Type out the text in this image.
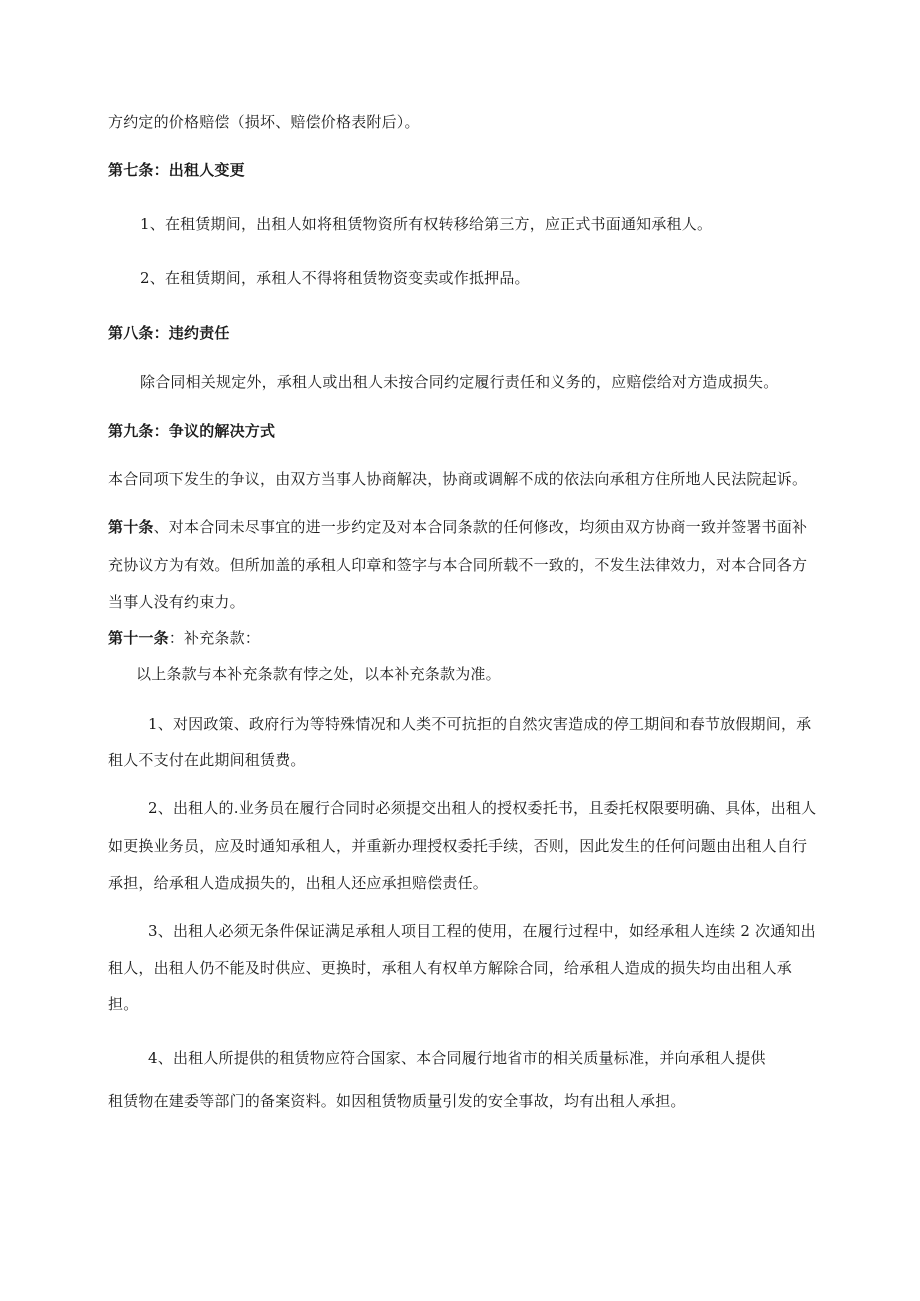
方约定的价格赔偿（损坏、赔偿价格表附后）。
第七条：出租人变更
1、在租赁期间，出租人如将租赁物资所有权转移给第三方，应正式书面通知承租人。
2、在租赁期间，承租人不得将租赁物资变卖或作抵押品。
第八条：违约责任
除合同相关规定外，承租人或出租人未按合同约定履行责任和义务的，应赔偿给对方造成损失。
第九条：争议的解决方式
本合同项下发生的争议，由双方当事人协商解决，协商或调解不成的依法向承租方住所地人民法院起诉。
第十条、对本合同未尽事宜的进一步约定及对本合同条款的任何修改，均须由双方协商一致并签署书面补
充协议方为有效。但所加盖的承租人印章和签字与本合同所载不一致的，不发生法律效力，对本合同各方
当事人没有约束力。
第十一条：补充条款：
以上条款与本补充条款有悖之处，以本补充条款为准。
1、对因政策、政府行为等特殊情况和人类不可抗拒的自然灾害造成的停工期间和春节放假期间，承
租人不支付在此期间租赁费。
2、出租人的.业务员在履行合同时必须提交出租人的授权委托书，且委托权限要明确、具体，出租人
如更换业务员，应及时通知承租人，并重新办理授权委托手续，否则，因此发生的任何问题由出租人自行
承担，给承租人造成损失的，出租人还应承担赔偿责任。
3、出租人必须无条件保证满足承租人项目工程的使用，在履行过程中，如经承租人连续 2 次通知出
租人，出租人仍不能及时供应、更换时，承租人有权单方解除合同，给承租人造成的损失均由出租人承
担。
4、出租人所提供的租赁物应符合国家、本合同履行地省市的相关质量标准，并向承租人提供
租赁物在建委等部门的备案资料。如因租赁物质量引发的安全事故，均有出租人承担。
